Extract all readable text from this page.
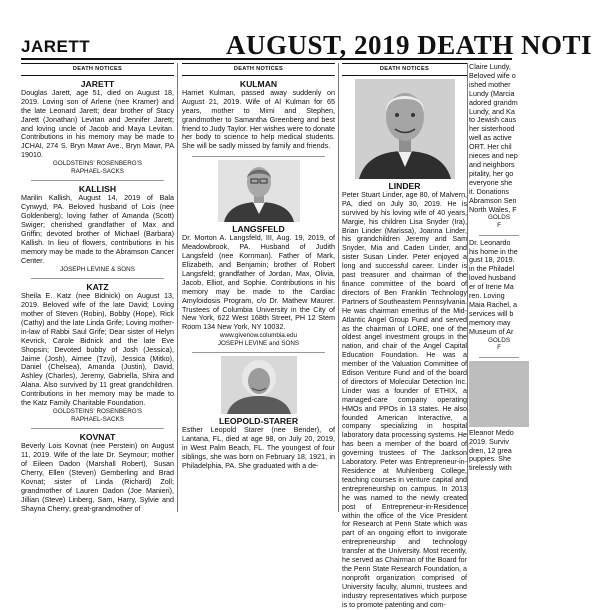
JARETT	AUGUST, 2019 DEATH NOTI
DEATH NOTICES
JARETT
Douglas Jarett, age 51, died on August 18, 2019. Loving son of Arlene (nee Kramer) and the late Leonard Jarett; dear brother of Stacy Jarett (Jonathan) Levitan and Jennifer Jarett; and loving uncle of Jacob and Maya Levitan. Contributions in his memory may be made to JCHAI, 274 S. Bryn Mawr Ave., Bryn Mawr, PA 19010.
GOLDSTEINS' ROSENBERG'S
RAPHAEL-SACKS
KALLISH
Marilin Kallish, August 14, 2019 of Bala Cynwyd, PA. Beloved husband of Lois (nee Goldenberg); loving father of Amanda (Scott) Swiger; cherished grandfather of Max and Griffin; devoted brother of Michael (Barbara) Kallish. In lieu of flowers, contributions in his memory may be made to the Abramson Cancer Center.
JOSEPH LEVINE & SONS
KATZ
Sheila E. Katz (nee Bidnick) on August 13, 2019. Beloved wife of the late David; Loving mother of Steven (Robin), Bobby (Hope), Rick (Cathy) and the late Linda Grife; Loving mother-in-law of Rabbi Saul Grife; Dear sister of Helyn Kevrick, Carole Bidnick and the late Eve Shopsin; Devoted bubby of Josh (Jessica), Jaime (Josh), Aimee (Tzvi), Jessica (Mitko), Daniel (Chelsea), Amanda (Justin), David, Ashley (Charles), Jeremy, Gabriella, Shira and Alana. Also survived by 11 great grandchildren. Contributions in her memory may be made to the Katz Family Charitable Foundation.
GOLDSTEINS' ROSENBERG'S
RAPHAEL-SACKS
KOVNAT
Beverly Lois Kovnat (nee Perstein) on August 11, 2019. Wife of the late Dr. Seymour; mother of Eileen Dadon (Marshall Robert), Susan Cherry, Ellen (Steven) Gemberling and Brad Kovnat; sister of Linda (Richard) Zoll; grandmother of Lauren Dadon (Joe Manieri), Jillian (Steve) Linberg, Sam, Harry, Sylvie and Shayna Cherry; great-grandmother of
DEATH NOTICES
KULMAN
Harriet Kulman, passed away suddenly on August 21, 2019. Wife of Al Kulman for 65 years, mother to Mimi and Stephen, grandmother to Samantha Greenberg and best friend to Judy Taylor. Her wishes were to donate her body to science to help medical students. She will be sadly missed by family and friends.
LANGSFELD
Dr. Morton A. Langsfeld, III, Aug. 19, 2019, of Meadowbrook, PA. Husband of Judith Langsfeld (nee Kornman). Father of Mark, Elizabeth, and Benjamin; brother of Robert Langsfeld; grandfather of Jordan, Max, Olivia, Jacob, Elliot, and Sophie. Contributions in his memory may be made to the Cardiac Amyloidosis Program, c/o Dr. Mathew Maurer. Trustees of Columbia University in the City of New York, 622 West 168th Street, PH 12 Stem Room 134 New York, NY 10032.
www.givenow.columbia.edu
JOSEPH LEVINE and SONS
LEOPOLD-STARER
Esther Leopold Starer (nee Bender), of Lantana, FL, died at age 98, on July 20, 2019, in West Palm Beach, FL. The youngest of four siblings, she was born on February 18, 1921, in Philadelphia, PA. She graduated with a de-
DEATH NOTICES
LINDER
Peter Stuart Linder, age 80, of Malvern, PA, died on July 30, 2019. He is survived by his loving wife of 40 years, Margie, his children Lisa Snyder (Ira), Brian Linder (Marissa), Joanna Linder, his grandchildren Jeremy and Sam Snyder, Mia and Caden Linder, and sister Susan Linder. Peter enjoyed a long and successful career. Linder is past treasurer and chairman of the finance committee of the board of directors of Ben Franklin Technology Partners of Southeastern Pennsylvania. He was chairman emeritus of the Mid-Atlantic Angel Group Fund and served as the chairman of LORE, one of the oldest angel investment groups in the nation, and chair of the Angel Capital Education Foundation. He was a member of the Valuation Committee of Edison Venture Fund and of the board of directors of Molecular Detection Inc. Linder was a founder of ETHIX, a managed-care company operating HMOs and PPOs in 13 states. He also founded American Interactive, a company specializing in hospital laboratory data processing systems. He has been a member of the board of governing trustees of The Jackson Laboratory. Peter was Entrepreneur-in-Residence at Muhlenberg College, teaching courses in venture capital and entrepreneurship on campus. In 2013 he was named to the newly created post of Entrepreneur-in-Residence within the office of the Vice President for Research at Penn State which was part of an ongoing effort to invigorate entrepreneurship and technology transfer at the University. Most recently, he served as Chairman of the Board for the Penn State Research Foundation, a nonprofit organization comprised of University faculty, alumni, trustees and industry representatives which purpose is to promote patenting and com-
Claire Lundy,
Beloved wife o
ished mother
Lundy (Marcia
adored grandm
Lundy, and Ka
to Jewish caus
her sisterhood
well as active
ORT. Her chil
nieces and nep
and neighbors
pitality, her go
everyone she
it. Donations
Abramson Sen
North Wales, F
GOLDS
F
Dr. Leonardo
his home in the
gust 18, 2019.
in the Philadel
loved husband
er of Irene Ma
ren. Loving
Maia Rachel, a
services will b
memory may
Museum of Ar
GOLDS
F
Eleanor Medo
2019. Surviv
dren, 12 grea
puppies. She
tirelessly with
